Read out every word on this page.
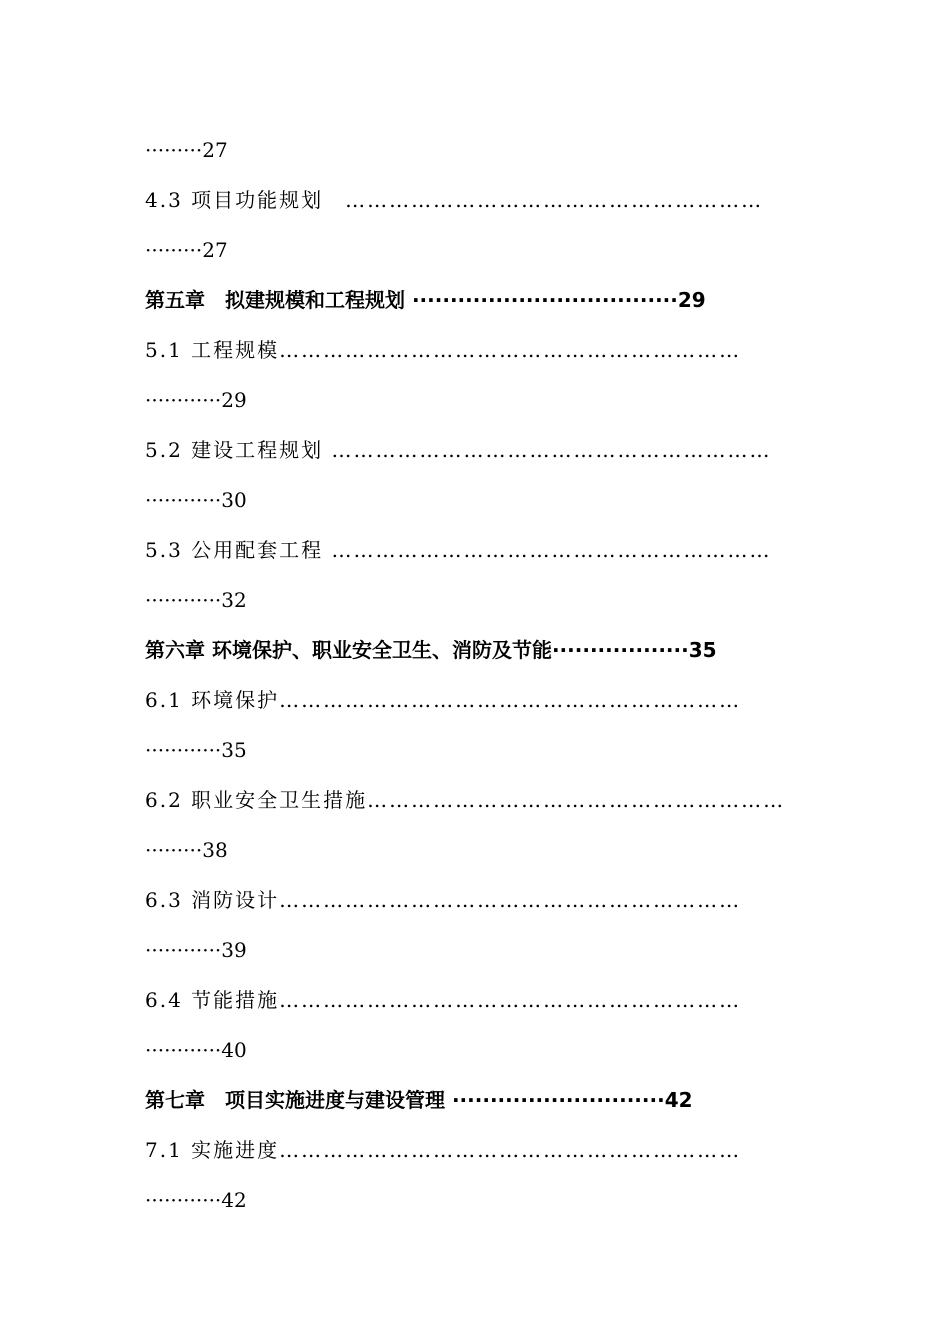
·········27
4.3 项目功能规划　…………………………………………………
·········27
第五章　拟建规模和工程规划 ···································29
5.1 工程规模………………………………………………………
············29
5.2 建设工程规划 ……………………………………………………
············30
5.3 公用配套工程 ……………………………………………………
············32
第六章 环境保护、职业安全卫生、消防及节能··················35
6.1 环境保护………………………………………………………
············35
6.2 职业安全卫生措施…………………………………………………
·········38
6.3 消防设计………………………………………………………
············39
6.4 节能措施………………………………………………………
············40
第七章　项目实施进度与建设管理 ····························42
7.1 实施进度………………………………………………………
············42
